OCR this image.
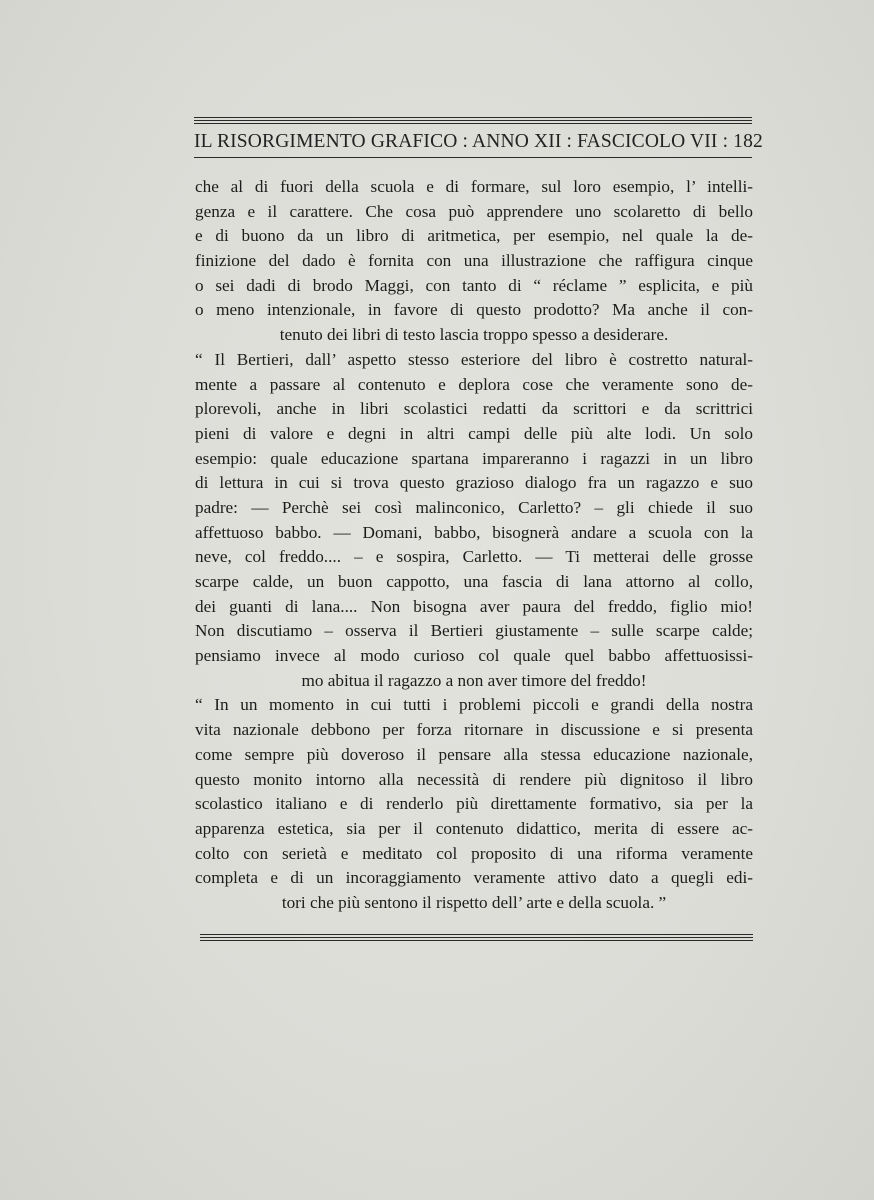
IL RISORGIMENTO GRAFICO : ANNO XII : FASCICOLO VII : 182
che al di fuori della scuola e di formare, sul loro esempio, l’ intelli-
genza e il carattere. Che cosa può apprendere uno scolaretto di bello
e di buono da un libro di aritmetica, per esempio, nel quale la de-
finizione del dado è fornita con una illustrazione che raffigura cinque
o sei dadi di brodo Maggi, con tanto di “ réclame ” esplicita, e più
o meno intenzionale, in favore di questo prodotto? Ma anche il con-
tenuto dei libri di testo lascia troppo spesso a desiderare.
“ Il Bertieri, dall’ aspetto stesso esteriore del libro è costretto natural-
mente a passare al contenuto e deplora cose che veramente sono de-
plorevoli, anche in libri scolastici redatti da scrittori e da scrittrici
pieni di valore e degni in altri campi delle più alte lodi. Un solo
esempio: quale educazione spartana impareranno i ragazzi in un libro
di lettura in cui si trova questo grazioso dialogo fra un ragazzo e suo
padre: — Perchè sei così malinconico, Carletto? – gli chiede il suo
affettuoso babbo. — Domani, babbo, bisognerà andare a scuola con la
neve, col freddo.... – e sospira, Carletto. — Ti metterai delle grosse
scarpe calde, un buon cappotto, una fascia di lana attorno al collo,
dei guanti di lana.... Non bisogna aver paura del freddo, figlio mio!
Non discutiamo – osserva il Bertieri giustamente – sulle scarpe calde;
pensiamo invece al modo curioso col quale quel babbo affettuosissi-
mo abitua il ragazzo a non aver timore del freddo!
“ In un momento in cui tutti i problemi piccoli e grandi della nostra
vita nazionale debbono per forza ritornare in discussione e si presenta
come sempre più doveroso il pensare alla stessa educazione nazionale,
questo monito intorno alla necessità di rendere più dignitoso il libro
scolastico italiano e di renderlo più direttamente formativo, sia per la
apparenza estetica, sia per il contenuto didattico, merita di essere ac-
colto con serietà e meditato col proposito di una riforma veramente
completa e di un incoraggiamento veramente attivo dato a quegli edi-
tori che più sentono il rispetto dell’ arte e della scuola. ”
